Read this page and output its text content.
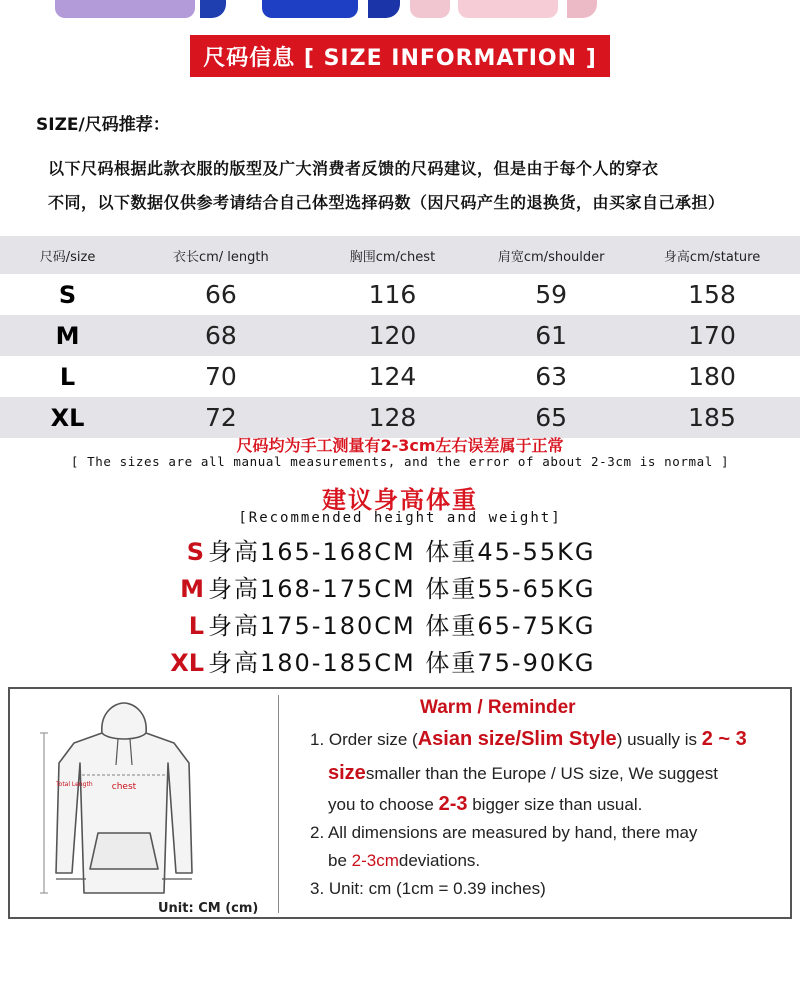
尺码信息 [ SIZE INFORMATION ]
SIZE/尺码推荐：
以下尺码根据此款衣服的版型及广大消费者反馈的尺码建议，但是由于每个人的穿衣
不同，以下数据仅供参考请结合自己体型选择码数（因尺码产生的退换货，由买家自己承担）
尺码/size	衣长cm/ length	胸围cm/chest	肩宽cm/shoulder	身高cm/stature
S	66	116	59	158
M	68	120	61	170
L	70	124	63	180
XL	72	128	65	185
尺码均为手工测量有2-3cm左右误差属于正常
[ The sizes are all manual measurements, and the error of about 2-3cm is normal ]
建议身高体重
[Recommended height and weight]
S 身高165-168CM 体重45-55KG
M 身高168-175CM 体重55-65KG
L 身高175-180CM 体重65-75KG
XL 身高180-185CM 体重75-90KG
chest
Total Length
Unit: CM (cm)
Warm / Reminder
1. Order size (Asian size/Slim Style) usually is 2 ~ 3
sizesmaller than the Europe / US size, We suggest
you to choose 2-3 bigger size than usual.
2. All dimensions are measured by hand, there may
be 2-3cmdeviations.
3. Unit: cm (1cm = 0.39 inches)
